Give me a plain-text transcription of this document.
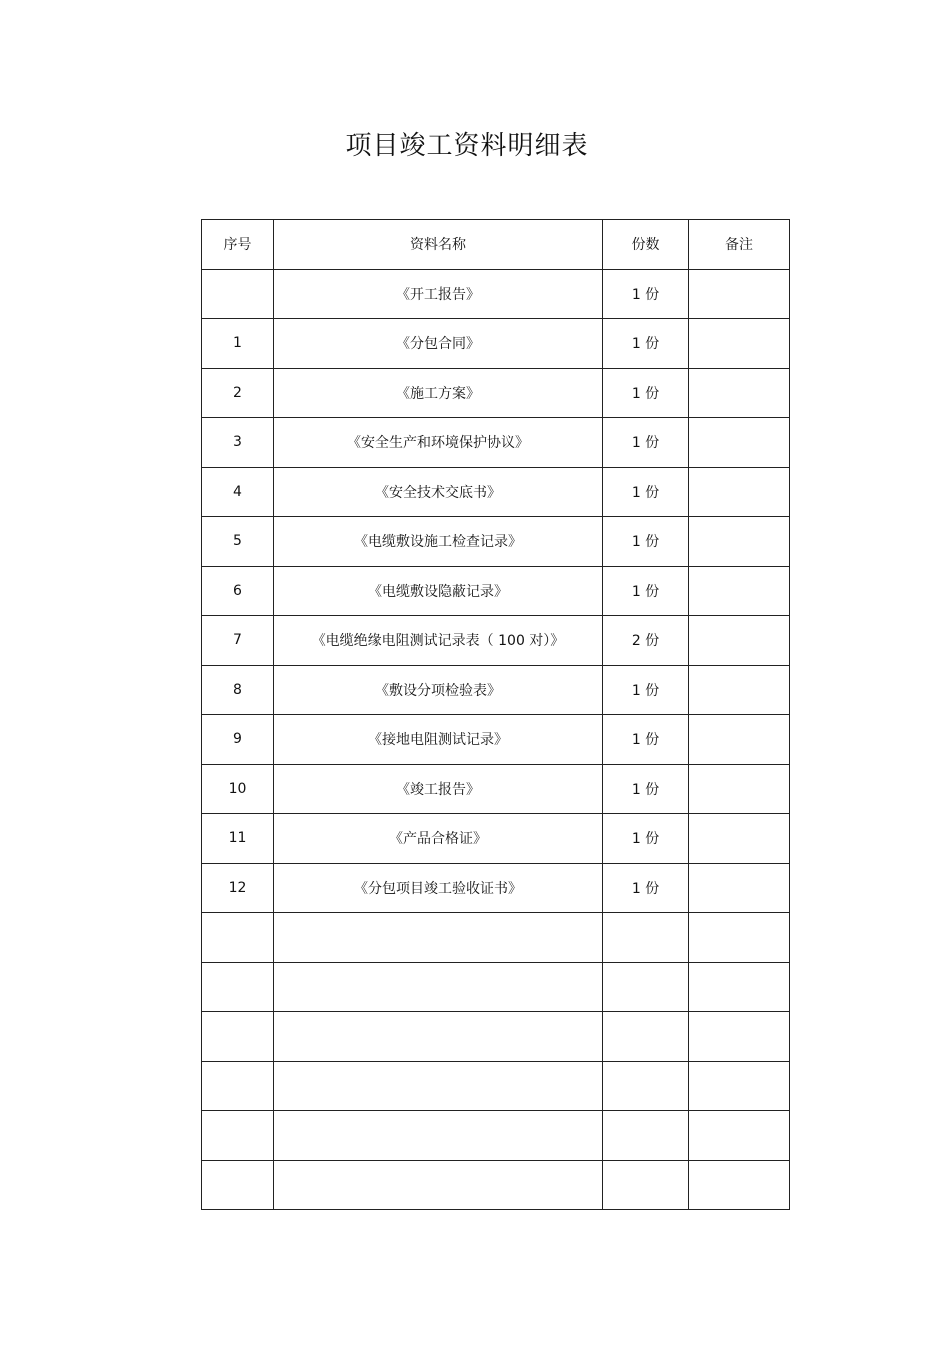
项目竣工资料明细表
序号	资料名称	份数	备注
	《开工报告》	1 份	
1	《分包合同》	1 份	
2	《施工方案》	1 份	
3	《安全生产和环境保护协议》	1 份	
4	《安全技术交底书》	1 份	
5	《电缆敷设施工检查记录》	1 份	
6	《电缆敷设隐蔽记录》	1 份	
7	《电缆绝缘电阻测试记录表（ 100 对）》	2 份	
8	《敷设分项检验表》	1 份	
9	《接地电阻测试记录》	1 份	
10	《竣工报告》	1 份	
11	《产品合格证》	1 份	
12	《分包项目竣工验收证书》	1 份	
